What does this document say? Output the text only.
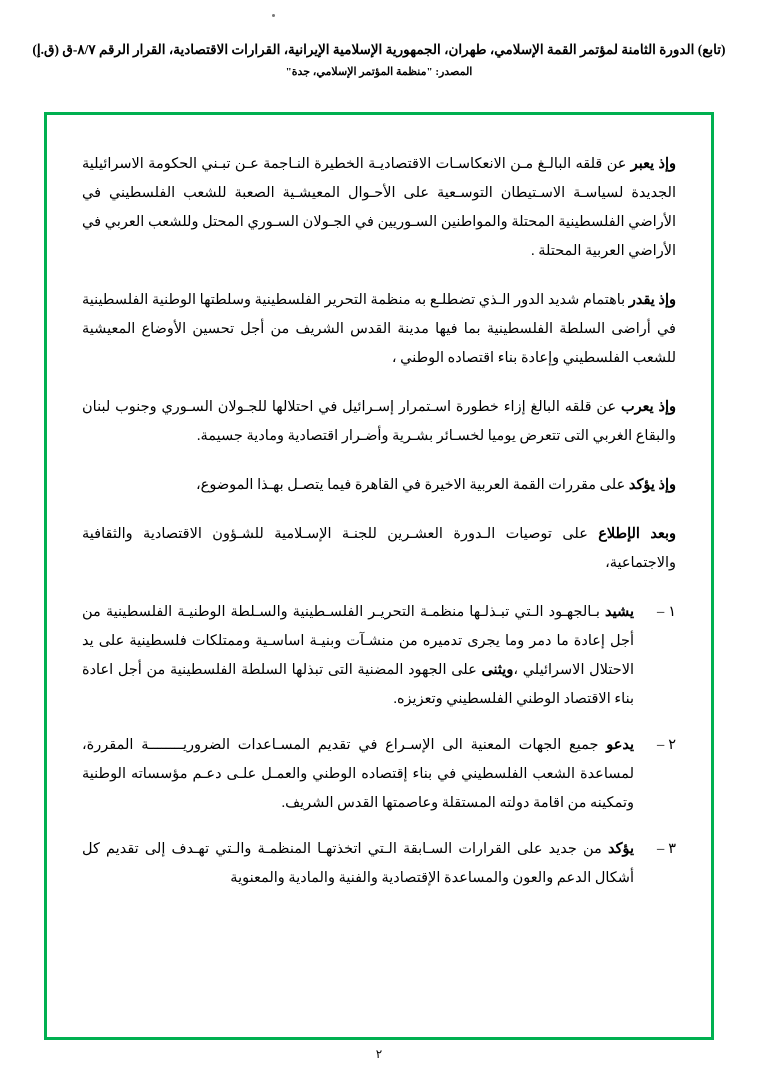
(تابع) الدورة الثامنة لمؤتمر القمة الإسلامي، طهران، الجمهورية الإسلامية الإيرانية، القرارات الاقتصادية، القرار الرقم ٨/٧-ق (ق.إ)
المصدر: "منظمة المؤتمر الإسلامي، جدة"

وإذ يعبر عن قلقه البالـغ مـن الانعكاسـات الاقتصاديـة الخطيرة النـاجمة عـن تبـني الحكومة الاسرائيلية الجديدة لسياسـة الاسـتيطان التوسـعية على الأحـوال المعيشـية الصعبة للشعب الفلسطيني في الأراضي الفلسطينية المحتلة والمواطنين السـوريين في الجـولان السـوري المحتل وللشعب العربي في الأراضي العربية المحتلة .

وإذ يقدر باهتمام شديد الدور الـذي تضطلـع به منظمة التحرير الفلسطينية وسلطتها الوطنية الفلسطينية في أراضى السلطة الفلسطينية بما فيها مدينة القدس الشريف من أجل تحسين الأوضاع المعيشية للشعب الفلسطيني وإعادة بناء اقتصاده الوطني ،

وإذ يعرب عن قلقه البالغ إزاء خطورة اسـتمرار إسـرائيل في احتلالها للجـولان السـوري وجنوب لبنان والبقاع الغربي التى تتعرض يوميا لخسـائر بشـرية وأضـرار اقتصادية ومادية جسيمة.

وإذ يؤكد على مقررات القمة العربية الاخيرة في القاهرة فيما يتصـل بهـذا الموضوع،

وبعد الإطلاع على توصيات الـدورة العشـرين للجنـة الإسـلامية للشـؤون الاقتصادية والثقافية والاجتماعية،

١–
يشيد بـالجهـود الـتي تبـذلـها منظمـة التحريـر الفلسـطينية والسـلطة الوطنيـة الفلسطينية من أجل إعادة ما دمر وما يجرى تدميره من منشـآت وبنيـة اساسـية وممتلكات فلسطينية على يد الاحتلال الاسرائيلي ،ويثنى على الجهود المضنية التى تبذلها السلطة الفلسطينية من أجل اعادة بناء الاقتصاد الوطني الفلسطيني وتعزيزه.
٢–
يدعو جميع الجهات المعنية الى الإسـراع في تقديم المسـاعدات الضروريــــــــة المقررة، لمساعدة الشعب الفلسطيني في بناء إقتصاده الوطني والعمـل علـى دعـم مؤسساته الوطنية وتمكينه من اقامة دولته المستقلة وعاصمتها القدس الشريف.
٣–
يؤكد من جديد على القرارات السـابقة الـتي اتخذتهـا المنظمـة والـتي تهـدف إلى تقديم كل أشكال الدعم والعون والمساعدة الإقتصادية والفنية والمادية والمعنوية
٢
